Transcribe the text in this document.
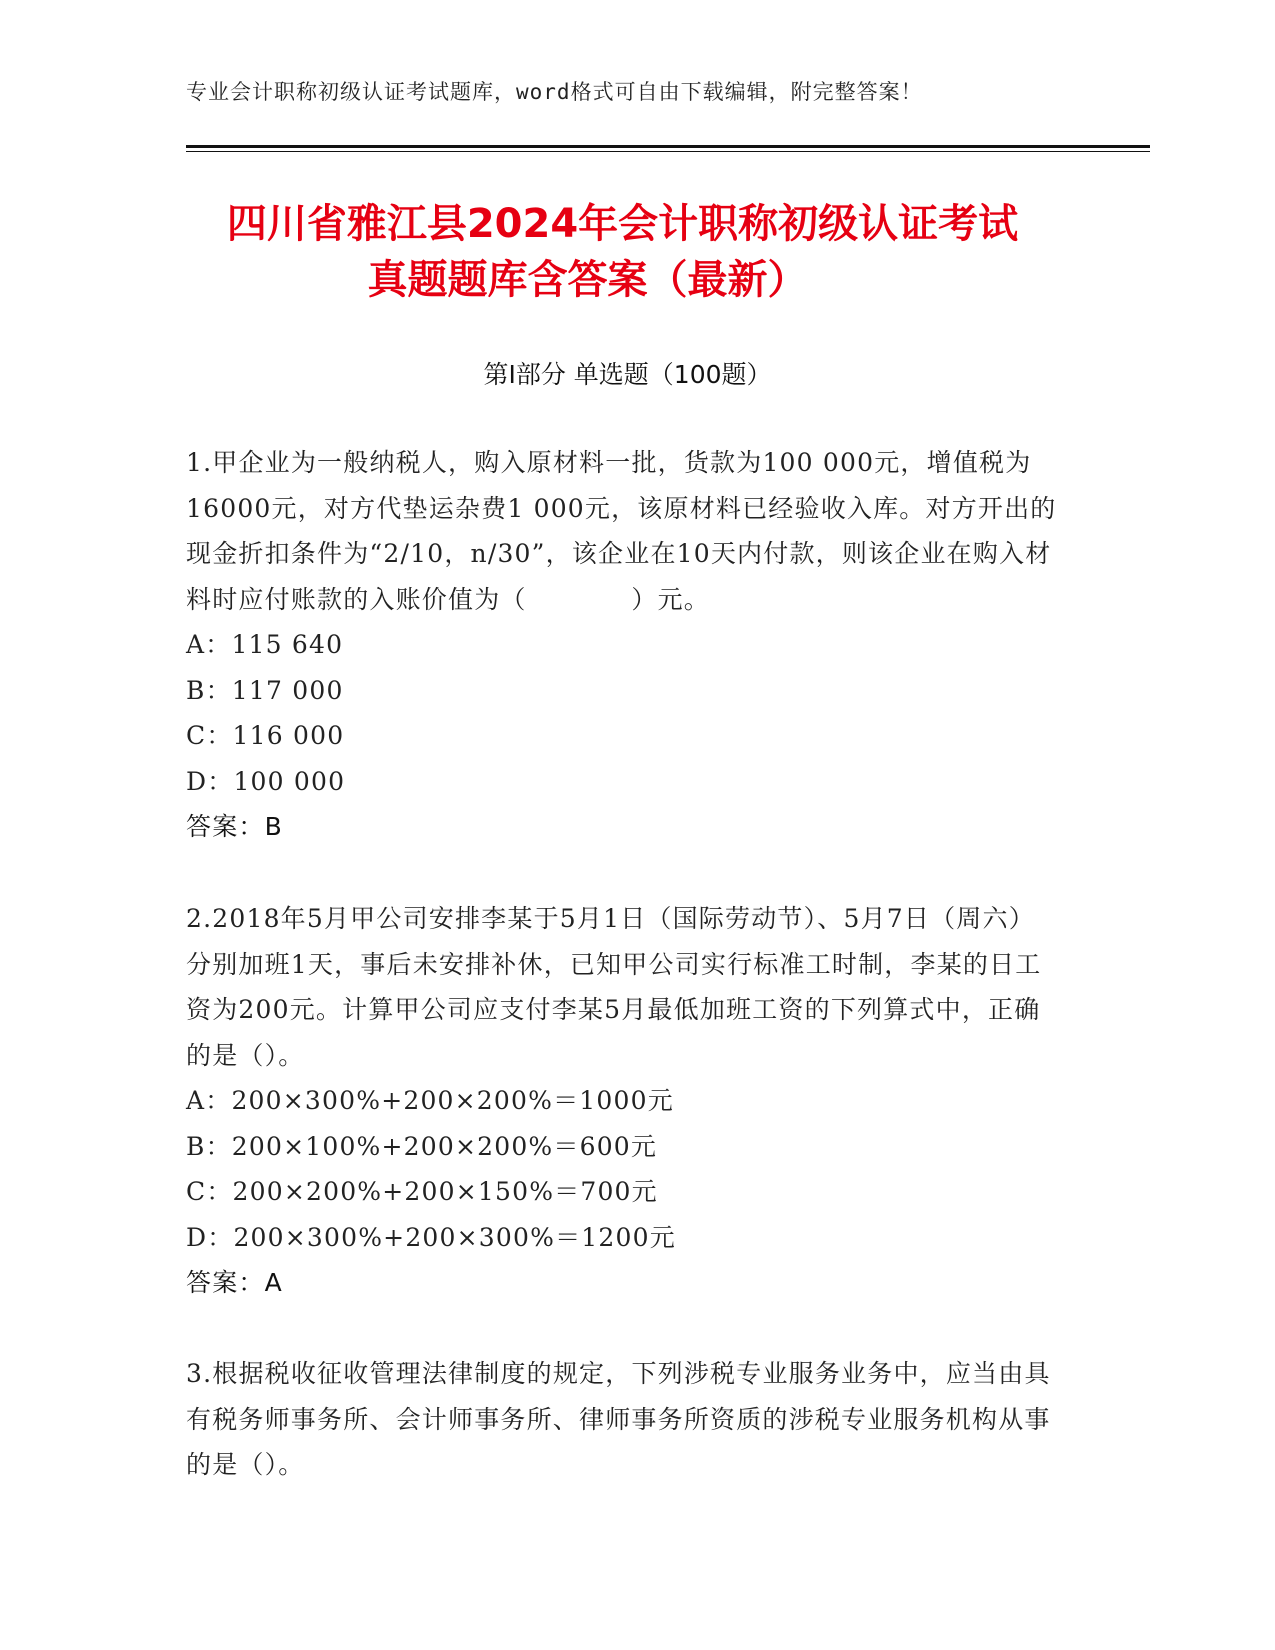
专业会计职称初级认证考试题库，word格式可自由下载编辑，附完整答案！
四川省雅江县2024年会计职称初级认证考试
真题题库含答案（最新）
第Ⅰ部分 单选题（100题）
1.甲企业为一般纳税人，购入原材料一批，货款为100 000元，增值税为16000元，对方代垫运杂费1 000元，该原材料已经验收入库。对方开出的现金折扣条件为“2/10，n/30”，该企业在10天内付款，则该企业在购入材料时应付账款的入账价值为（　　　　）元。
A：115 640
B：117 000
C：116 000
D：100 000
答案：B
2.2018年5月甲公司安排李某于5月1日（国际劳动节）、5月7日（周六）分别加班1天，事后未安排补休，已知甲公司实行标准工时制，李某的日工资为200元。计算甲公司应支付李某5月最低加班工资的下列算式中，正确的是（）。
A：200×300%+200×200%＝1000元
B：200×100%+200×200%＝600元
C：200×200%+200×150%＝700元
D：200×300%+200×300%＝1200元
答案：A
3.根据税收征收管理法律制度的规定，下列涉税专业服务业务中，应当由具有税务师事务所、会计师事务所、律师事务所资质的涉税专业服务机构从事的是（）。
